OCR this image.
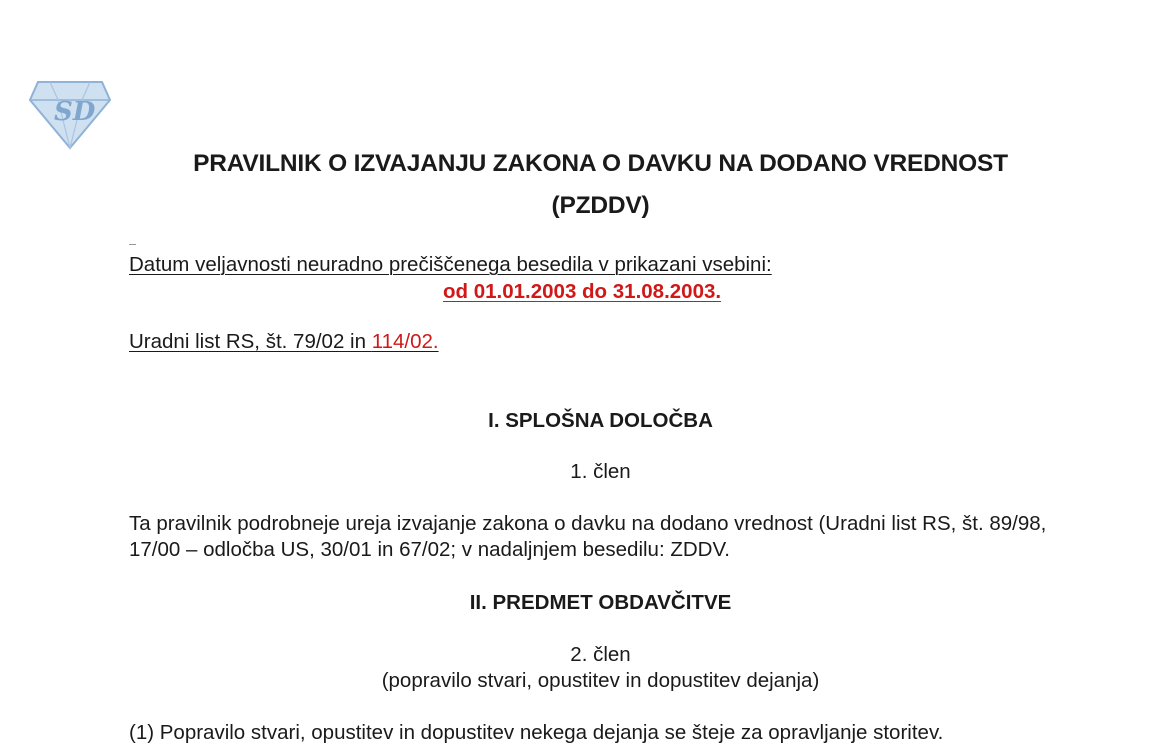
SD
PRAVILNIK O IZVAJANJU ZAKONA O DAVKU NA DODANO VREDNOST
(PZDDV)
Datum veljavnosti neuradno prečiščenega besedila v prikazani vsebini:
od 01.01.2003 do 31.08.2003.
Uradni list RS, št. 79/02 in 114/02.
I. SPLOŠNA DOLOČBA
1. člen
Ta pravilnik podrobneje ureja izvajanje zakona o davku na dodano vrednost (Uradni list RS, št. 89/98, 17/00 – odločba US, 30/01 in 67/02; v nadaljnjem besedilu: ZDDV.
II. PREDMET OBDAVČITVE
2. člen
(popravilo stvari, opustitev in dopustitev dejanja)
(1) Popravilo stvari, opustitev in dopustitev nekega dejanja se šteje za opravljanje storitev.
